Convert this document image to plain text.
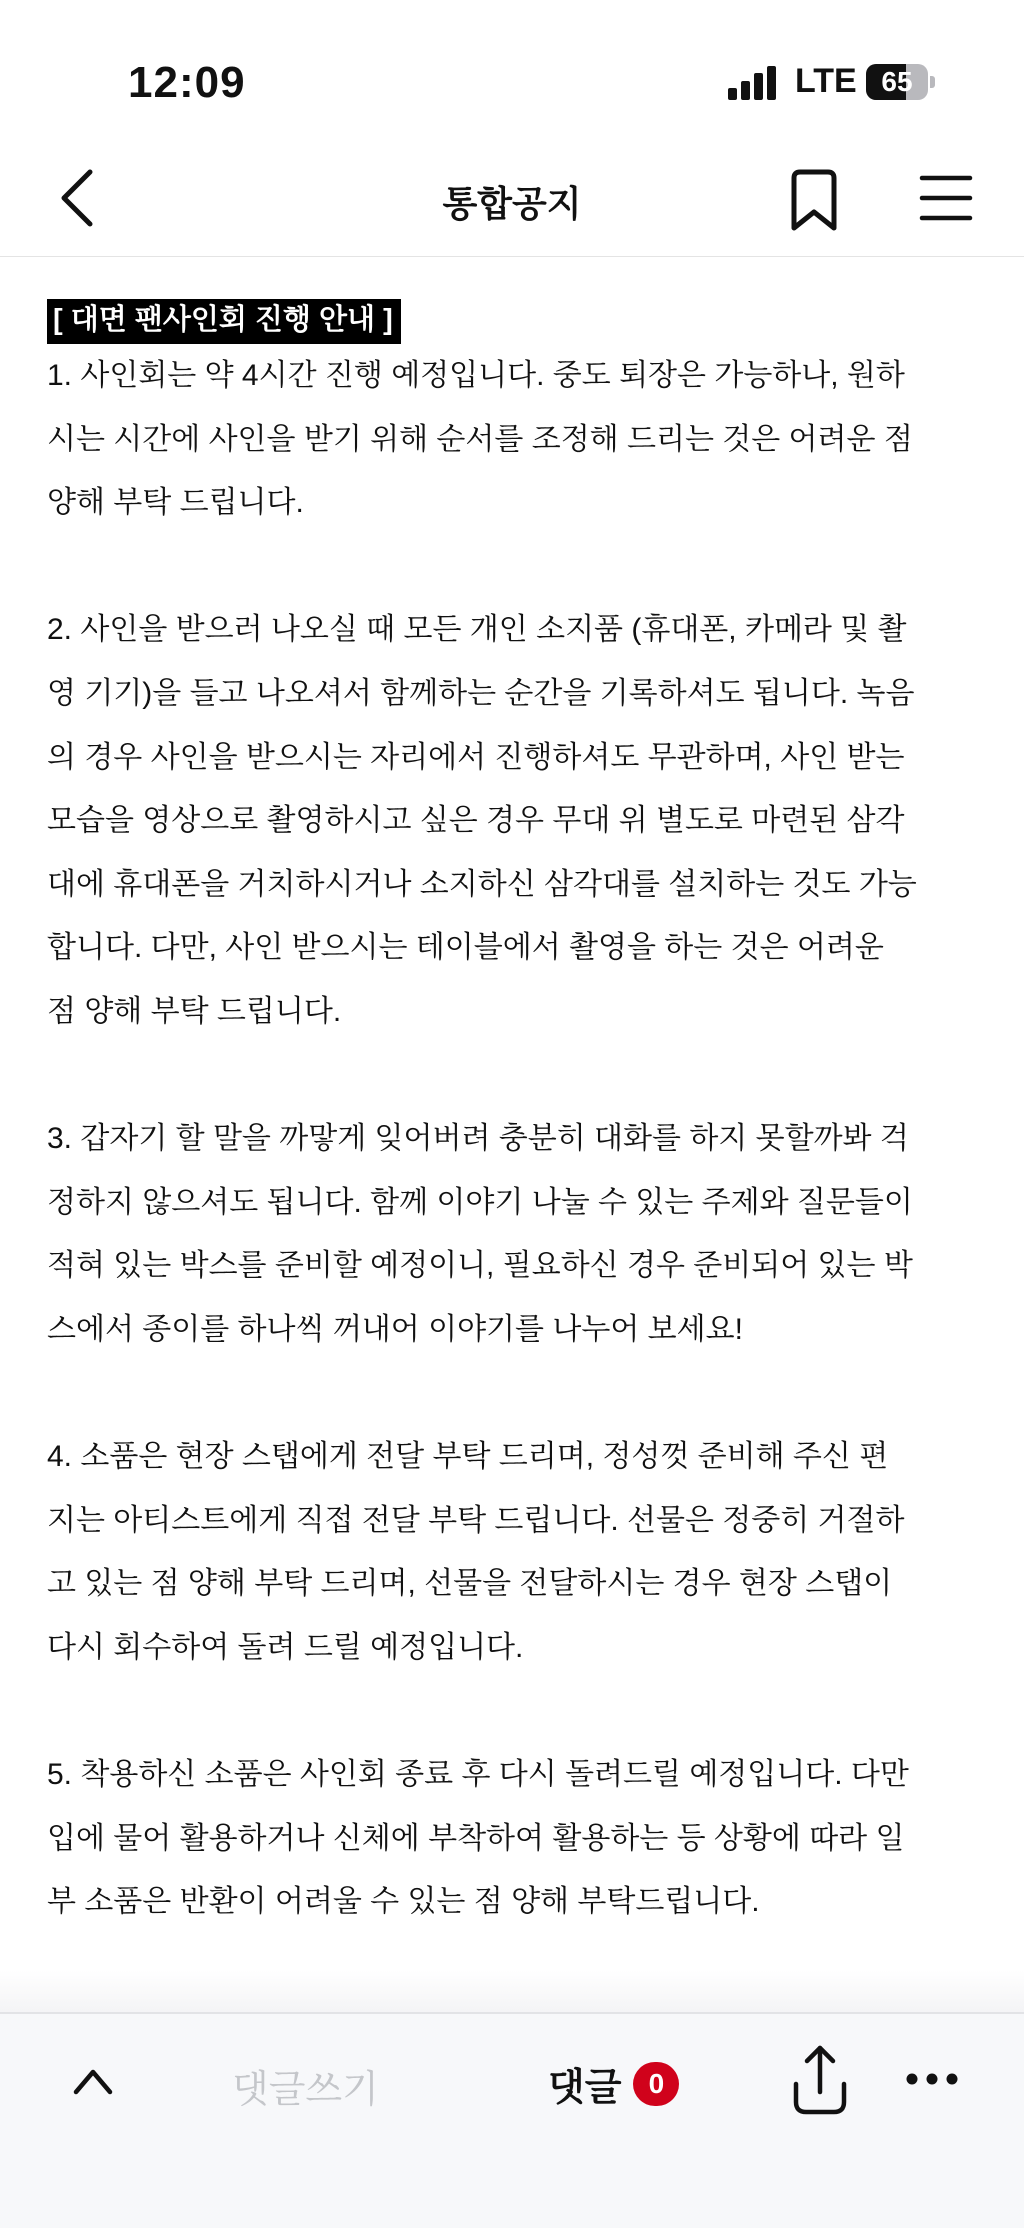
12:09	LTE 65
통합공지
[ 대면 팬사인회 진행 안내 ]
1. 사인회는 약 4시간 진행 예정입니다. 중도 퇴장은 가능하나, 원하
시는 시간에 사인을 받기 위해 순서를 조정해 드리는 것은 어려운 점
양해 부탁 드립니다.
2. 사인을 받으러 나오실 때 모든 개인 소지품 (휴대폰, 카메라 및 촬
영 기기)을 들고 나오셔서 함께하는 순간을 기록하셔도 됩니다. 녹음
의 경우 사인을 받으시는 자리에서 진행하셔도 무관하며, 사인 받는
모습을 영상으로 촬영하시고 싶은 경우 무대 위 별도로 마련된 삼각
대에 휴대폰을 거치하시거나 소지하신 삼각대를 설치하는 것도 가능
합니다. 다만, 사인 받으시는 테이블에서 촬영을 하는 것은 어려운
점 양해 부탁 드립니다.
3. 갑자기 할 말을 까맣게 잊어버려 충분히 대화를 하지 못할까봐 걱
정하지 않으셔도 됩니다. 함께 이야기 나눌 수 있는 주제와 질문들이
적혀 있는 박스를 준비할 예정이니, 필요하신 경우 준비되어 있는 박
스에서 종이를 하나씩 꺼내어 이야기를 나누어 보세요!
4. 소품은 현장 스탭에게 전달 부탁 드리며, 정성껏 준비해 주신 편
지는 아티스트에게 직접 전달 부탁 드립니다. 선물은 정중히 거절하
고 있는 점 양해 부탁 드리며, 선물을 전달하시는 경우 현장 스탭이
다시 회수하여 돌려 드릴 예정입니다.
5. 착용하신 소품은 사인회 종료 후 다시 돌려드릴 예정입니다. 다만
입에 물어 활용하거나 신체에 부착하여 활용하는 등 상황에 따라 일
부 소품은 반환이 어려울 수 있는 점 양해 부탁드립니다.
댓글쓰기	댓글 0
